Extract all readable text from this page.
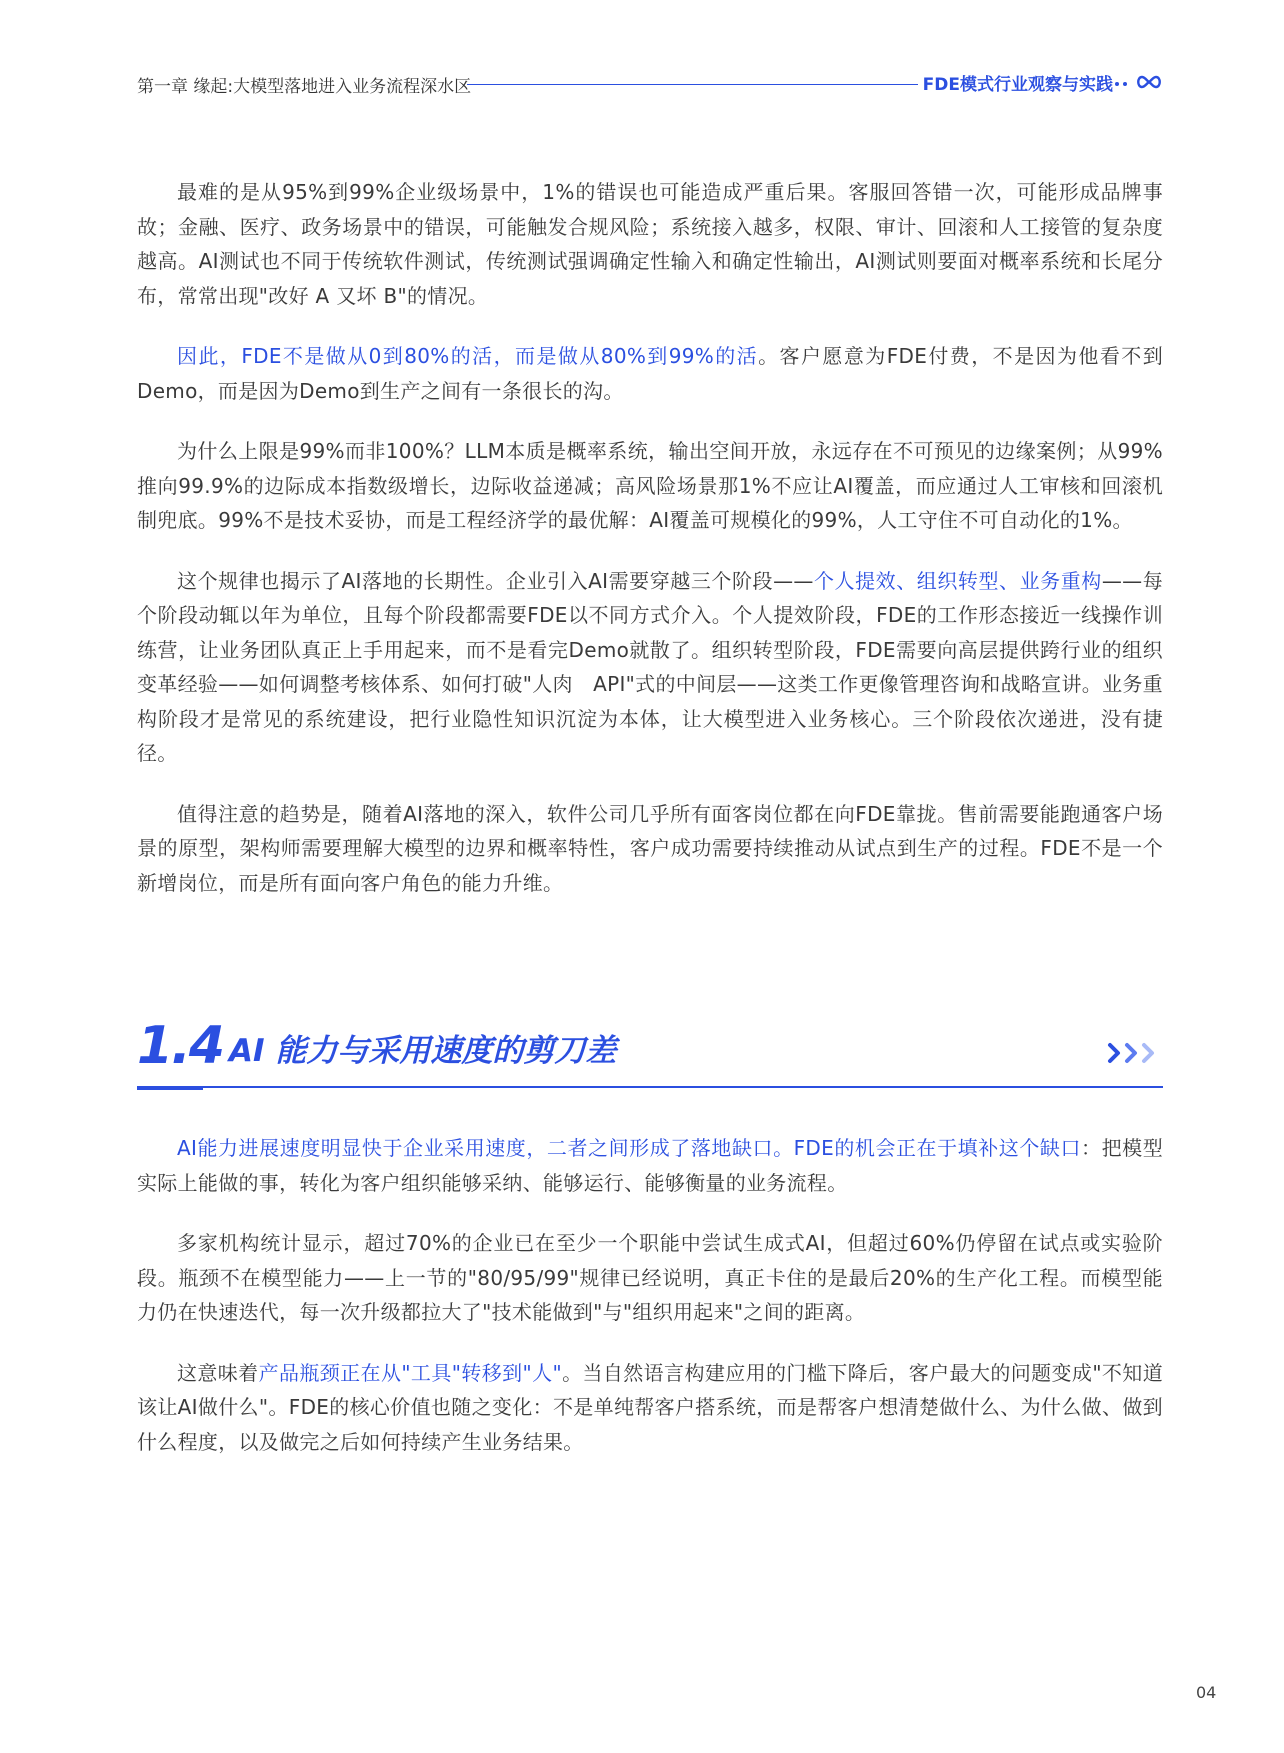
第一章 缘起:大模型落地进入业务流程深水区	FDE模式行业观察与实践

最难的是从95%到99%企业级场景中，1%的错误也可能造成严重后果。客服回答错一次，可能形成品牌事故；金融、医疗、政务场景中的错误，可能触发合规风险；系统接入越多，权限、审计、回滚和人工接管的复杂度越高。AI测试也不同于传统软件测试，传统测试强调确定性输入和确定性输出，AI测试则要面对概率系统和长尾分布，常常出现"改好 A 又坏 B"的情况。

因此，FDE不是做从0到80%的活，而是做从80%到99%的活。客户愿意为FDE付费，不是因为他看不到Demo，而是因为Demo到生产之间有一条很长的沟。

为什么上限是99%而非100%？LLM本质是概率系统，输出空间开放，永远存在不可预见的边缘案例；从99%推向99.9%的边际成本指数级增长，边际收益递减；高风险场景那1%不应让AI覆盖，而应通过人工审核和回滚机制兜底。99%不是技术妥协，而是工程经济学的最优解：AI覆盖可规模化的99%，人工守住不可自动化的1%。

这个规律也揭示了AI落地的长期性。企业引入AI需要穿越三个阶段——个人提效、组织转型、业务重构——每个阶段动辄以年为单位，且每个阶段都需要FDE以不同方式介入。个人提效阶段，FDE的工作形态接近一线操作训练营，让业务团队真正上手用起来，而不是看完Demo就散了。组织转型阶段，FDE需要向高层提供跨行业的组织变革经验——如何调整考核体系、如何打破"人肉　API"式的中间层——这类工作更像管理咨询和战略宣讲。业务重构阶段才是常见的系统建设，把行业隐性知识沉淀为本体，让大模型进入业务核心。三个阶段依次递进，没有捷径。

值得注意的趋势是，随着AI落地的深入，软件公司几乎所有面客岗位都在向FDE靠拢。售前需要能跑通客户场景的原型，架构师需要理解大模型的边界和概率特性，客户成功需要持续推动从试点到生产的过程。FDE不是一个新增岗位，而是所有面向客户角色的能力升维。

1.4 AI 能力与采用速度的剪刀差

AI能力进展速度明显快于企业采用速度，二者之间形成了落地缺口。FDE的机会正在于填补这个缺口：把模型实际上能做的事，转化为客户组织能够采纳、能够运行、能够衡量的业务流程。

多家机构统计显示，超过70%的企业已在至少一个职能中尝试生成式AI，但超过60%仍停留在试点或实验阶段。瓶颈不在模型能力——上一节的"80/95/99"规律已经说明，真正卡住的是最后20%的生产化工程。而模型能力仍在快速迭代，每一次升级都拉大了"技术能做到"与"组织用起来"之间的距离。

这意味着产品瓶颈正在从"工具"转移到"人"。当自然语言构建应用的门槛下降后，客户最大的问题变成"不知道该让AI做什么"。FDE的核心价值也随之变化：不是单纯帮客户搭系统，而是帮客户想清楚做什么、为什么做、做到什么程度，以及做完之后如何持续产生业务结果。

04
